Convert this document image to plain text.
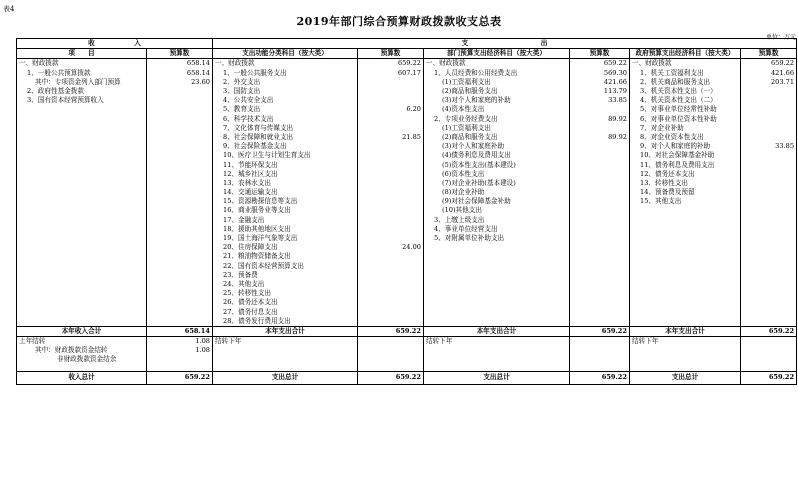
表4
2019年部门综合预算财政拨款收支总表
单位：万元
收　　　　　　入		支　　　　　　　　　　　出					
项　　目	预算数	支出功能分类科目（按大类）	预算数	部门预算支出经济科目（按大类）	预算数	政府预算支出经济科目（按大类）	预算数
一、财政拨款	658.14	一、财政拨款	659.22	一、财政拨款	659.22	一、财政拨款	659.22
1、一般公共预算拨款	658.14	1、一般公共服务支出	607.17	1、人员经费和公用经费支出	569.30	1、机关工资福利支出	421.66
其中：专项资金列入部门预算	23.60	2、外交支出		(1)工资福利支出	421.66	2、机关商品和服务支出	203.71
2、政府性基金拨款		3、国防支出		(2)商品和服务支出	113.79	3、机关资本性支出（一）	
3、国有资本经营预算收入		4、公共安全支出		(3)对个人和家庭的补助	33.85	4、机关资本性支出（二）	
		5、教育支出	6.20	(4)资本性支出		5、对事业单位经常性补助	
		6、科学技术支出		2、专项业务经费支出	89.92	6、对事业单位资本性补助	
		7、文化体育与传媒支出		(1)工资福利支出		7、对企业补助	
		8、社会保障和就业支出	21.85	(2)商品和服务支出	89.92	8、对企业资本性支出	
		9、社会保险基金支出		(3)对个人和家庭补助		9、对个人和家庭的补助	33.85
		10、医疗卫生与计划生育支出		(4)债务利息及费用支出		10、对社会保障基金补助	
		11、节能环保支出		(5)资本性支出(基本建设)		11、债务利息及费用支出	
		12、城乡社区支出		(6)资本性支出		12、债务还本支出	
		13、农林水支出		(7)对企业补助(基本建设)		13、转移性支出	
		14、交通运输支出		(8)对企业补助		14、预备费及预留	
		15、资源勘探信息等支出		(9)对社会保障基金补助		15、其他支出	
		16、商业服务业等支出		(10)其他支出			
		17、金融支出		3、上缴上级支出			
		18、援助其他地区支出		4、事业单位经营支出			
		19、国土海洋气象等支出		5、对附属单位补助支出			
		20、住房保障支出	24.00				
		21、粮油物资储备支出					
		22、国有资本经营预算支出					
		23、预备费					
		24、其他支出					
		25、转移性支出					
		26、债务还本支出					
		27、债务付息支出					
		28、债务发行费用支出					
本年收入合计	658.14	本年支出合计	659.22	本年支出合计	659.22	本年支出合计	659.22
上年结转	1.08	结转下年		结转下年		结转下年	
其中：财政拨款资金结转	1.08						
非财政拨款资金结余							

收入总计	659.22	支出总计	659.22	支出总计	659.22	支出总计	659.22
